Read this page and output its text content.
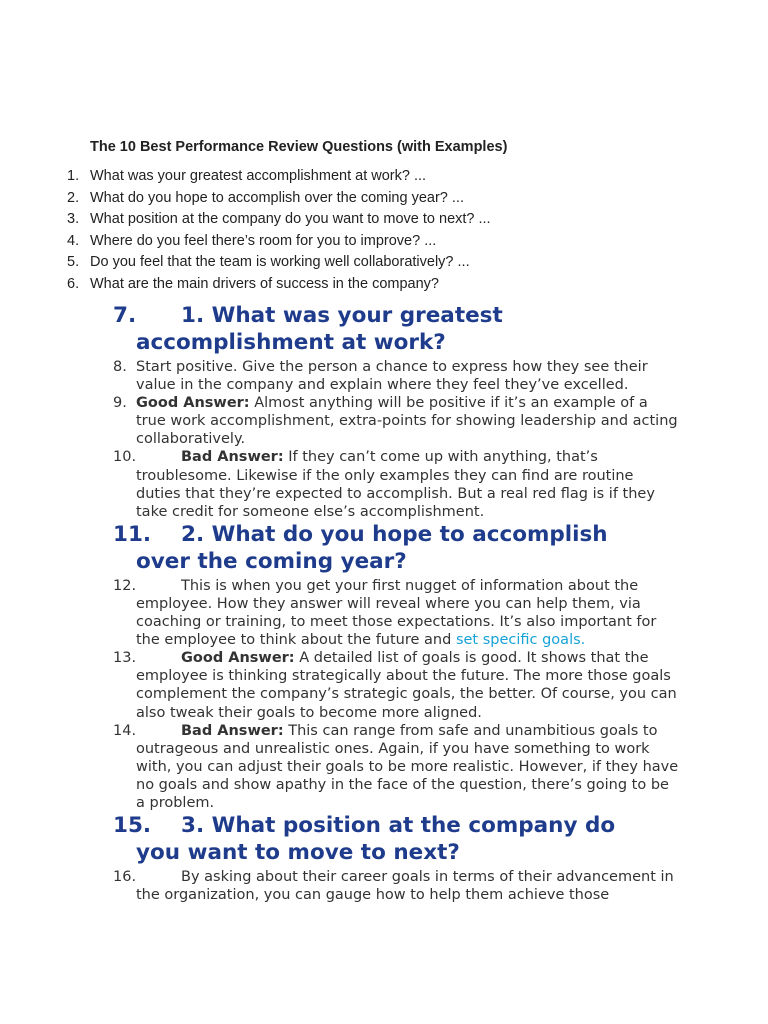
The 10 Best Performance Review Questions (with Examples)
1. What was your greatest accomplishment at work? ...
2. What do you hope to accomplish over the coming year? ...
3. What position at the company do you want to move to next? ...
4. Where do you feel there’s room for you to improve? ...
5. Do you feel that the team is working well collaboratively? ...
6. What are the main drivers of success in the company?
7. 1. What was your greatest accomplishment at work?

8. Start positive. Give the person a chance to express how they see their value in the company and explain where they feel they’ve excelled.

9. Good Answer: Almost anything will be positive if it’s an example of a true work accomplishment, extra-points for showing leadership and acting collaboratively.

10.	Bad Answer: If they can’t come up with anything, that’s troublesome. Likewise if the only examples they can find are routine duties that they’re expected to accomplish. But a real red flag is if they take credit for someone else’s accomplishment.

11. 2. What do you hope to accomplish over the coming year?

12.	This is when you get your first nugget of information about the employee. How they answer will reveal where you can help them, via coaching or training, to meet those expectations. It’s also important for the employee to think about the future and set specific goals.

13.	Good Answer: A detailed list of goals is good. It shows that the employee is thinking strategically about the future. The more those goals complement the company’s strategic goals, the better. Of course, you can also tweak their goals to become more aligned.

14.	Bad Answer: This can range from safe and unambitious goals to outrageous and unrealistic ones. Again, if you have something to work with, you can adjust their goals to be more realistic. However, if they have no goals and show apathy in the face of the question, there’s going to be a problem.

15. 3. What position at the company do you want to move to next?

16.	By asking about their career goals in terms of their advancement in the organization, you can gauge how to help them achieve those
